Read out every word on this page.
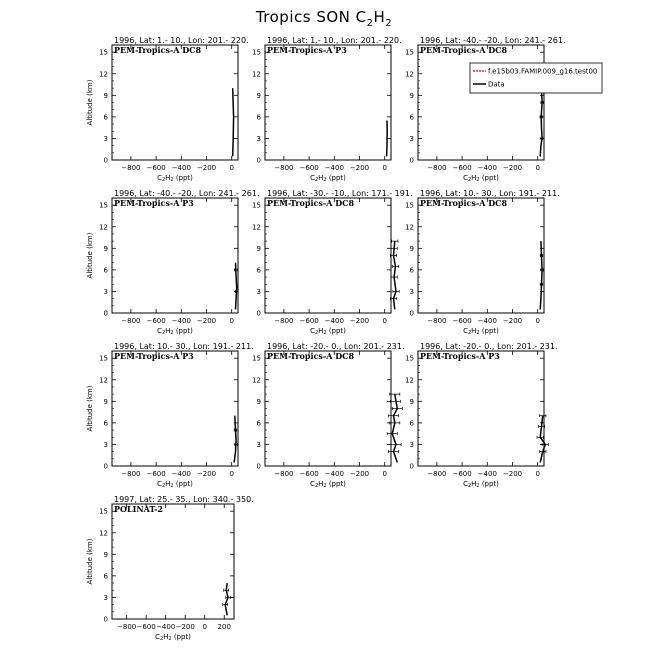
Tropics SON $C_2H_2$
1996, Lat: 1.- 10., Lon: 201.- 220.
PEM-Tropics-A DC8
0
3
6
9
12
15
−800 −600 −400 −200 0
C2H2 (ppt)
Altitude (km)
1996, Lat: 1.- 10., Lon: 201.- 220.
PEM-Tropics-A P3
0
3
6
9
12
15
−800 −600 −400 −200 0
C2H2 (ppt)
1996, Lat: -40.- -20., Lon: 241.- 261.
PEM-Tropics-A DC8
0
3
6
9
12
15
−800 −600 −400 −200 0
C2H2 (ppt)
f.e15b03.FAMIP.009_g16.test00
Data
1996, Lat: -40.- -20., Lon: 241.- 261.
PEM-Tropics-A P3
0
3
6
9
12
15
−800 −600 −400 −200 0
C2H2 (ppt)
Altitude (km)
1996, Lat: -30.- -10., Lon: 171.- 191.
PEM-Tropics-A DC8
0
3
6
9
12
15
−800 −600 −400 −200 0
C2H2 (ppt)
1996, Lat: 10.- 30., Lon: 191.- 211.
PEM-Tropics-A DC8
0
3
6
9
12
15
−800 −600 −400 −200 0
C2H2 (ppt)
1996, Lat: 10.- 30., Lon: 191.- 211.
PEM-Tropics-A P3
0
3
6
9
12
15
−800 −600 −400 −200 0
C2H2 (ppt)
Altitude (km)
1996, Lat: -20.- 0., Lon: 201.- 231.
PEM-Tropics-A DC8
0
3
6
9
12
15
−800 −600 −400 −200 0
C2H2 (ppt)
1996, Lat: -20.- 0., Lon: 201.- 231.
PEM-Tropics-A P3
0
3
6
9
12
15
−800 −600 −400 −200 0
C2H2 (ppt)
1997, Lat: 25.- 35., Lon: 340.- 350.
POLINAT-2
0
3
6
9
12
15
−800 −600 −400 −200 0 200
C2H2 (ppt)
Altitude (km)
